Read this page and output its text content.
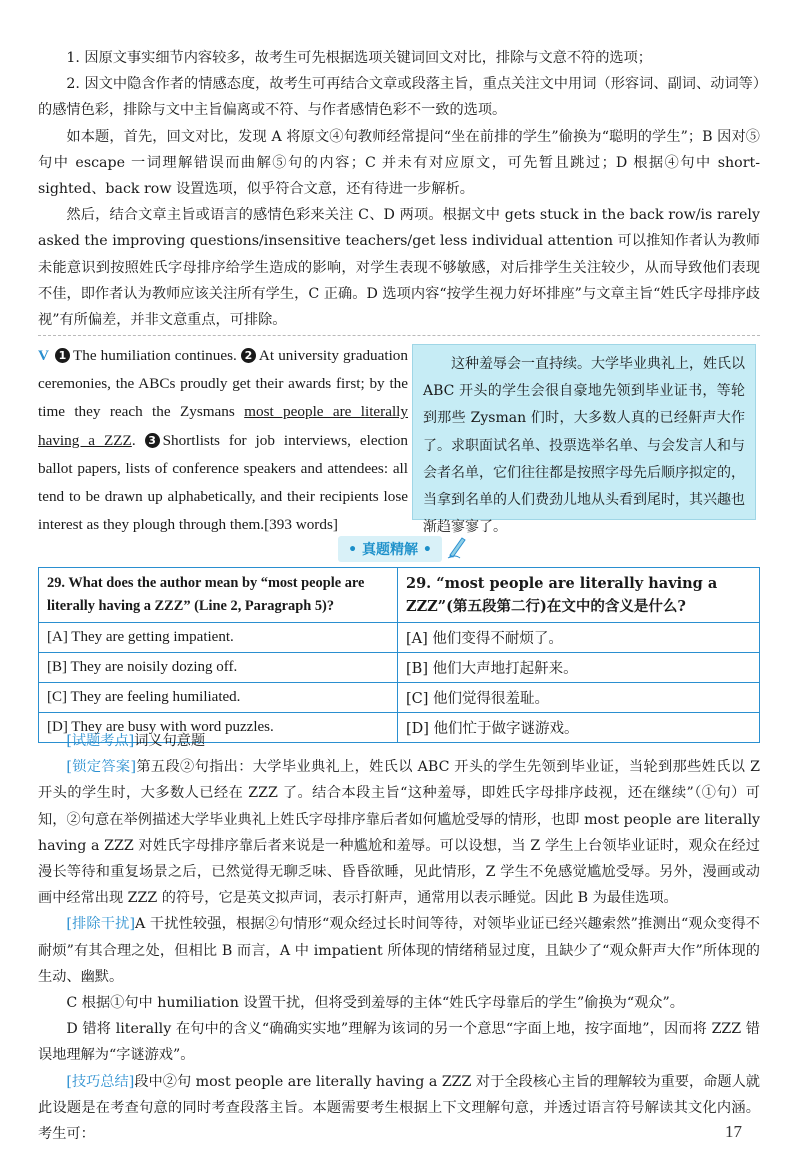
1. 因原文事实细节内容较多，故考生可先根据选项关键词回文对比，排除与文意不符的选项；

2. 因文中隐含作者的情感态度，故考生可再结合文章或段落主旨，重点关注文中用词（形容词、副词、动词等）的感情色彩，排除与文中主旨偏离或不符、与作者感情色彩不一致的选项。

如本题，首先，回文对比，发现 A 将原文④句教师经常提问“坐在前排的学生”偷换为“聪明的学生”；B 因对⑤句中 escape 一词理解错误而曲解⑤句的内容；C 并未有对应原文，可先暂且跳过；D 根据④句中 short-sighted、back row 设置选项，似乎符合文意，还有待进一步解析。

然后，结合文章主旨或语言的感情色彩来关注 C、D 两项。根据文中 gets stuck in the back row/is rarely asked the improving questions/insensitive teachers/get less individual attention 可以推知作者认为教师未能意识到按照姓氏字母排序给学生造成的影响，对学生表现不够敏感，对后排学生关注较少，从而导致他们表现不佳，即作者认为教师应该关注所有学生，C 正确。D 选项内容“按学生视力好坏排座”与文章主旨“姓氏字母排序歧视”有所偏差，并非文意重点，可排除。

V 1 The humiliation continues. 2 At university graduation ceremonies, the ABCs proudly get their awards first; by the time they reach the Zysmans most people are literally having a ZZZ. 3 Shortlists for job interviews, election ballot papers, lists of conference speakers and attendees: all tend to be drawn up alphabetically, and their recipients lose interest as they plough through them.[393 words]

这种羞辱会一直持续。大学毕业典礼上，姓氏以 ABC 开头的学生会很自豪地先领到毕业证书，等轮到那些 Zysman 们时，大多数人真的已经鼾声大作了。求职面试名单、投票选举名单、与会发言人和与会者名单，它们往往都是按照字母先后顺序拟定的，当拿到名单的人们费劲儿地从头看到尾时，其兴趣也渐趋寥寥了。
• 真题精解 •
29. What does the author mean by “most people are literally having a ZZZ” (Line 2, Paragraph 5)?	29. “most people are literally having a ZZZ”(第五段第二行)在文中的含义是什么?
[A] They are getting impatient.	[A] 他们变得不耐烦了。
[B] They are noisily dozing off.	[B] 他们大声地打起鼾来。
[C] They are feeling humiliated.	[C] 他们觉得很羞耻。
[D] They are busy with word puzzles.	[D] 他们忙于做字谜游戏。

[试题考点]词义句意题

[锁定答案]第五段②句指出：大学毕业典礼上，姓氏以 ABC 开头的学生先领到毕业证，当轮到那些姓氏以 Z 开头的学生时，大多数人已经在 ZZZ 了。结合本段主旨“这种羞辱，即姓氏字母排序歧视，还在继续”（①句）可知，②句意在举例描述大学毕业典礼上姓氏字母排序靠后者如何尴尬受辱的情形，也即 most people are literally having a ZZZ 对姓氏字母排序靠后者来说是一种尴尬和羞辱。可以设想，当 Z 学生上台领毕业证时，观众在经过漫长等待和重复场景之后，已然觉得无聊乏味、昏昏欲睡，见此情形，Z 学生不免感觉尴尬受辱。另外，漫画或动画中经常出现 ZZZ 的符号，它是英文拟声词，表示打鼾声，通常用以表示睡觉。因此 B 为最佳选项。

[排除干扰]A 干扰性较强，根据②句情形“观众经过长时间等待，对领毕业证已经兴趣索然”推测出“观众变得不耐烦”有其合理之处，但相比 B 而言，A 中 impatient 所体现的情绪稍显过度，且缺少了“观众鼾声大作”所体现的生动、幽默。

C 根据①句中 humiliation 设置干扰，但将受到羞辱的主体“姓氏字母靠后的学生”偷换为“观众”。

D 错将 literally 在句中的含义“确确实实地”理解为该词的另一个意思“字面上地，按字面地”，因而将 ZZZ 错误地理解为“字谜游戏”。

[技巧总结]段中②句 most people are literally having a ZZZ 对于全段核心主旨的理解较为重要，命题人就此设题是在考查句意的同时考查段落主旨。本题需要考生根据上下文理解句意，并透过语言符号解读其文化内涵。考生可：	17
